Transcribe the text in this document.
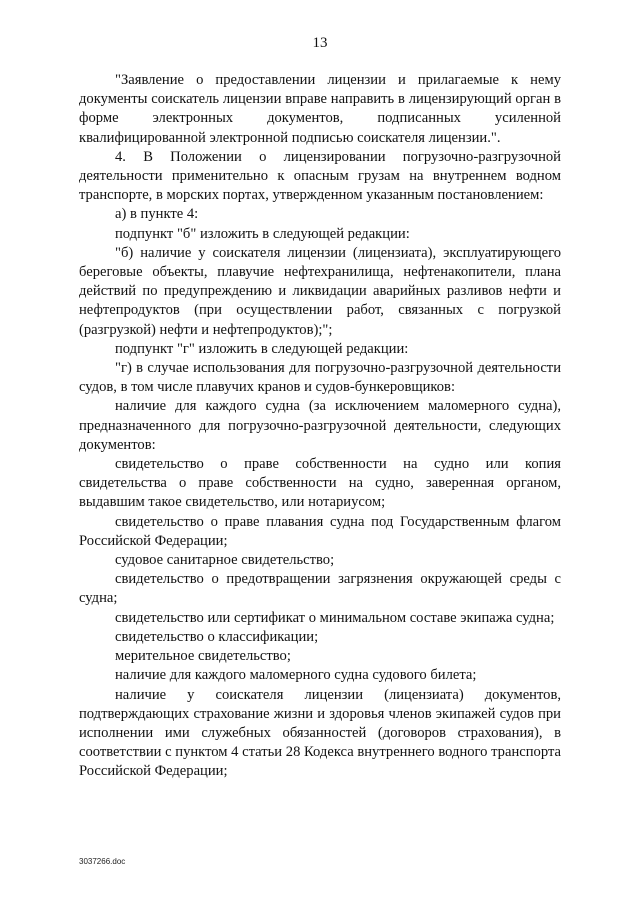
13

"Заявление о предоставлении лицензии и прилагаемые к нему документы соискатель лицензии вправе направить в лицензирующий орган в форме электронных документов, подписанных усиленной квалифицированной электронной подписью соискателя лицензии.".

4. В Положении о лицензировании погрузочно-разгрузочной деятельности применительно к опасным грузам на внутреннем водном транспорте, в морских портах, утвержденном указанным постановлением:

а) в пункте 4:

подпункт "б" изложить в следующей редакции:

"б) наличие у соискателя лицензии (лицензиата), эксплуатирующего береговые объекты, плавучие нефтехранилища, нефтенакопители, плана действий по предупреждению и ликвидации аварийных разливов нефти и нефтепродуктов (при осуществлении работ, связанных с погрузкой (разгрузкой) нефти и нефтепродуктов);";

подпункт "г" изложить в следующей редакции:

"г) в случае использования для погрузочно-разгрузочной деятельности судов, в том числе плавучих кранов и судов-бункеровщиков:

наличие для каждого судна (за исключением маломерного судна), предназначенного для погрузочно-разгрузочной деятельности, следующих документов:

свидетельство о праве собственности на судно или копия свидетельства о праве собственности на судно, заверенная органом, выдавшим такое свидетельство, или нотариусом;

свидетельство о праве плавания судна под Государственным флагом Российской Федерации;

судовое санитарное свидетельство;

свидетельство о предотвращении загрязнения окружающей среды с судна;

свидетельство или сертификат о минимальном составе экипажа судна;

свидетельство о классификации;

мерительное свидетельство;

наличие для каждого маломерного судна судового билета;

наличие у соискателя лицензии (лицензиата) документов, подтверждающих страхование жизни и здоровья членов экипажей судов при исполнении ими служебных обязанностей (договоров страхования), в соответствии с пунктом 4 статьи 28 Кодекса внутреннего водного транспорта Российской Федерации;

3037266.doc
